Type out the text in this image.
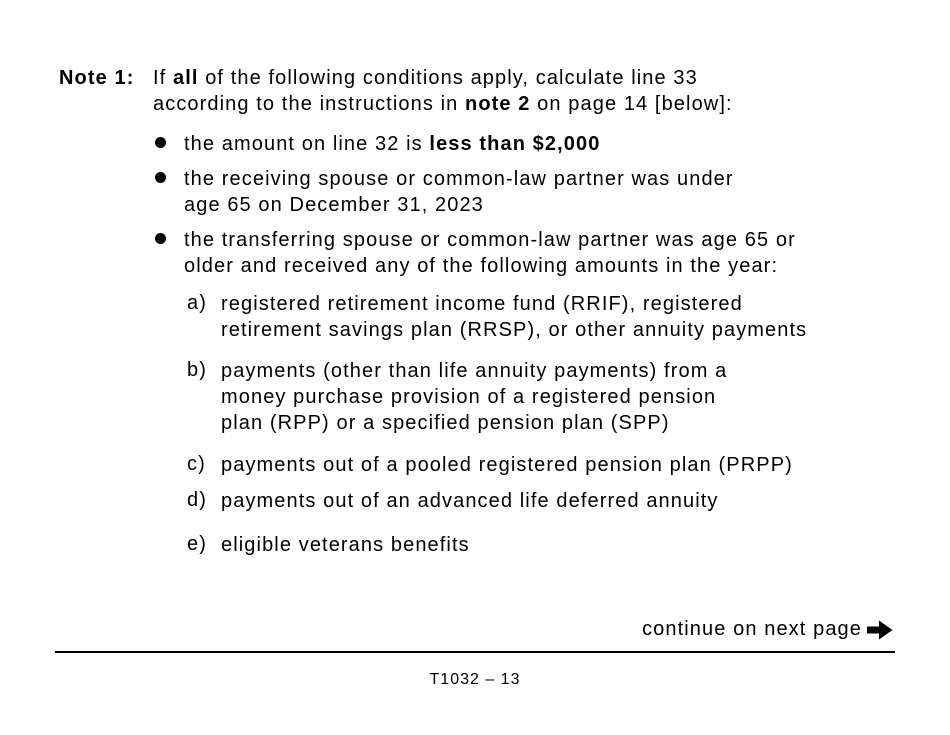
Note 1: If all of the following conditions apply, calculate line 33
according to the instructions in note 2 on page 14 [below]:
the amount on line 32 is less than $2,000
the receiving spouse or common-law partner was under
age 65 on December 31, 2023
the transferring spouse or common-law partner was age 65 or
older and received any of the following amounts in the year:
a) registered retirement income fund (RRIF), registered
retirement savings plan (RRSP), or other annuity payments
b) payments (other than life annuity payments) from a
money purchase provision of a registered pension
plan (RPP) or a specified pension plan (SPP)
c) payments out of a pooled registered pension plan (PRPP)
d) payments out of an advanced life deferred annuity
e) eligible veterans benefits
continue on next page
T1032 – 13
